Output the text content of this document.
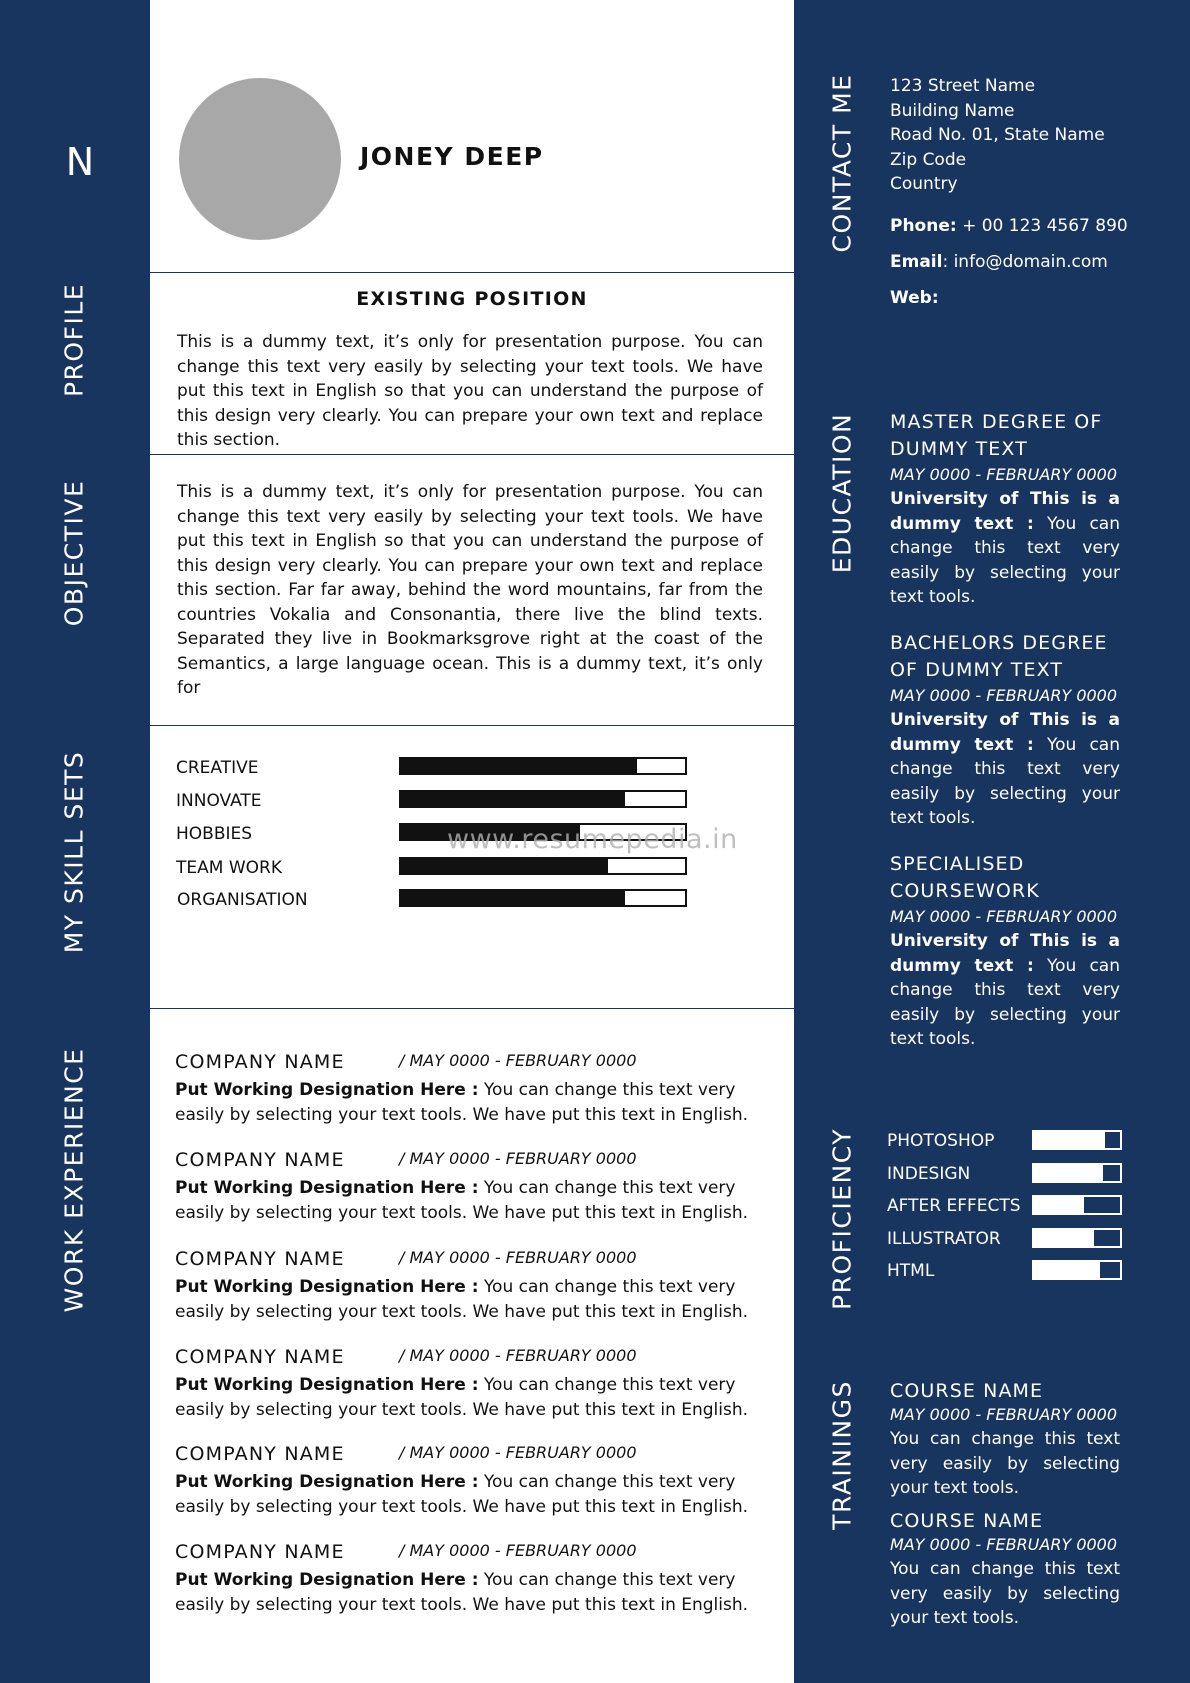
N
PROFILE
OBJECTIVE
MY SKILL SETS
WORK EXPERIENCE
JONEY DEEP
EXISTING POSITION
This is a dummy text, it’s only for presentation purpose. You can change this text very easily by selecting your text tools. We have put this text in English so that you can understand the purpose of this design very clearly. You can prepare your own text and replace this section.
This is a dummy text, it’s only for presentation purpose. You can change this text very easily by selecting your text tools. We have put this text in English so that you can understand the purpose of this design very clearly. You can prepare your own text and replace this section. Far far away, behind the word mountains, far from the countries Vokalia and Consonantia, there live the blind texts. Separated they live in Bookmarksgrove right at the coast of the Semantics, a large language ocean. This is a dummy text, it’s only for
CREATIVE
INNOVATE
HOBBIES
TEAM WORK
ORGANISATION
COMPANY NAME	/ MAY 0000 - FEBRUARY 0000
Put Working Designation Here : You can change this text very easily by selecting your text tools. We have put this text in English.
COMPANY NAME	/ MAY 0000 - FEBRUARY 0000
Put Working Designation Here : You can change this text very easily by selecting your text tools. We have put this text in English.
COMPANY NAME	/ MAY 0000 - FEBRUARY 0000
Put Working Designation Here : You can change this text very easily by selecting your text tools. We have put this text in English.
COMPANY NAME	/ MAY 0000 - FEBRUARY 0000
Put Working Designation Here : You can change this text very easily by selecting your text tools. We have put this text in English.
COMPANY NAME	/ MAY 0000 - FEBRUARY 0000
Put Working Designation Here : You can change this text very easily by selecting your text tools. We have put this text in English.
COMPANY NAME	/ MAY 0000 - FEBRUARY 0000
Put Working Designation Here : You can change this text very easily by selecting your text tools. We have put this text in English.
www.resumepedia.in
CONTACT ME
EDUCATION
PROFICIENCY
TRAININGS
123 Street Name
Building Name
Road No. 01, State Name
Zip Code
Country
Phone: + 00 123 4567 890
Email: info@domain.com
Web:
MASTER DEGREE OF DUMMY TEXT
MAY 0000 - FEBRUARY 0000
University of This is a dummy text : You can change this text very easily by selecting your text tools.
BACHELORS DEGREE OF DUMMY TEXT
MAY 0000 - FEBRUARY 0000
University of This is a dummy text : You can change this text very easily by selecting your text tools.
SPECIALISED COURSEWORK
MAY 0000 - FEBRUARY 0000
University of This is a dummy text : You can change this text very easily by selecting your text tools.
PHOTOSHOP
INDESIGN
AFTER EFFECTS
ILLUSTRATOR
HTML
COURSE NAME
MAY 0000 - FEBRUARY 0000
You can change this text very easily by selecting your text tools.
COURSE NAME
MAY 0000 - FEBRUARY 0000
You can change this text very easily by selecting your text tools.
